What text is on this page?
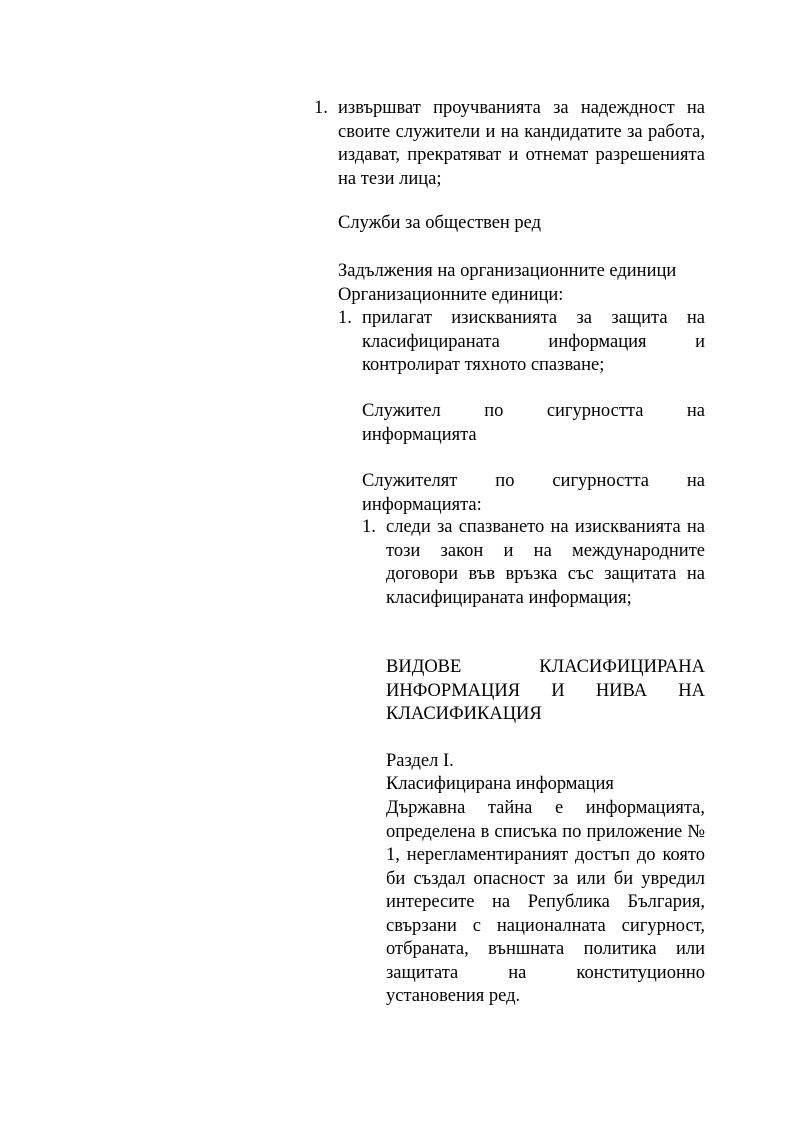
1. извършват проучванията за надеждност на
своите служители и на кандидатите за работа,
издават, прекратяват и отнемат разрешенията
на тези лица;
Служби за обществен ред
Задължения на организационните единици
Организационните единици:
1. прилагат изискванията за защита на
класифицираната информация и
контролират тяхното спазване;
Служител по сигурността на
информацията
Служителят по сигурността на
информацията:
1. следи за спазването на изискванията на
този закон и на международните
договори във връзка със защитата на
класифицираната информация;
ВИДОВЕ КЛАСИФИЦИРАНА
ИНФОРМАЦИЯ И НИВА НА
КЛАСИФИКАЦИЯ
Раздел I.
Класифицирана информация
Държавна тайна е информацията,
определена в списъка по приложение №
1, нерегламентираният достъп до която
би създал опасност за или би увредил
интересите на Република България,
свързани с националната сигурност,
отбраната, външната политика или
защитата на конституционно
установения ред.
